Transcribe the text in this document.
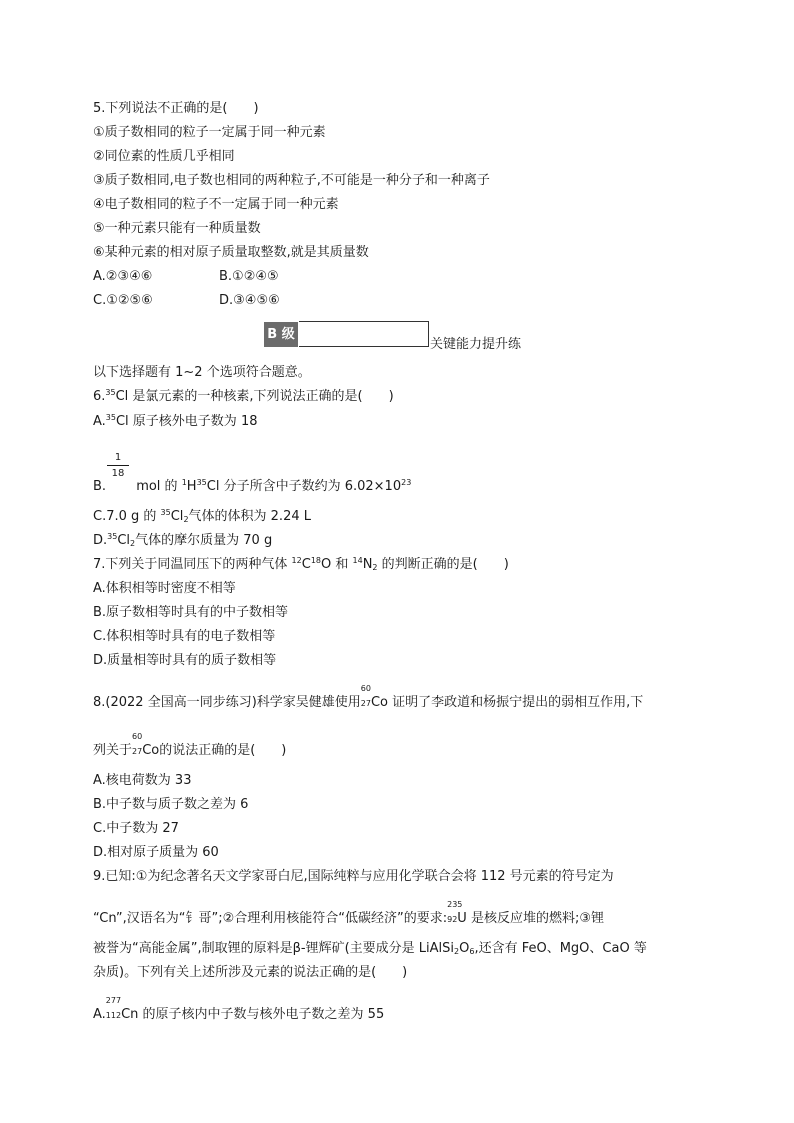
5.下列说法不正确的是(　　)
①质子数相同的粒子一定属于同一种元素
②同位素的性质几乎相同
③质子数相同,电子数也相同的两种粒子,不可能是一种分子和一种离子
④电子数相同的粒子不一定属于同一种元素
⑤一种元素只能有一种质量数
⑥某种元素的相对原子质量取整数,就是其质量数
A.②③④⑥	B.①②④⑤
C.①②⑤⑥	D.③④⑤⑥
B 级
关键能力提升练
以下选择题有 1~2 个选项符合题意。
6.35Cl 是氯元素的一种核素,下列说法正确的是(　　)
A.$^{35}$Cl 原子核外电子数为 18
1
18
B. mol 的 $^1H^{35}Cl$ 分子所含中子数约为 $6.02\times 10^{23}$
C.7.0 g 的 $^{35}Cl_2$气体的体积为 2.24 L
$D.^{35}Cl_2$气体的摩尔质量为 70 g
7.下列关于同温同压下的两种气体 $^{12}C^{18}O$ 和 $^{14}N_2$ 的判断正确的是(　　)
A.体积相等时密度不相等
B.原子数相等时具有的中子数相等
C.体积相等时具有的电子数相等
D.质量相等时具有的质子数相等
8.(2022 全国高一同步练习)科学家吴健雄使用
60
27Co 证明了李政道和杨振宁提出的弱相互作用,下
列关于
60
27Co的说法正确的是(　　)
A.核电荷数为 33
B.中子数与质子数之差为 6
C.中子数为 27
D.相对原子质量为 60
9.已知:①为纪念著名天文学家哥白尼,国际纯粹与应用化学联合会将 112 号元素的符号定为
“Cn”,汉语名为“钅哥”;②合理利用核能符合“低碳经济”的要求:
235
92U 是核反应堆的燃料;③锂
被誉为“高能金属”,制取锂的原料是β-锂辉矿(主要成分是 $LiAlSi_2O_6$,还含有 FeO、MgO、CaO 等
杂质)。下列有关上述所涉及元素的说法正确的是(　　)
A.
277
112Cn 的原子核内中子数与核外电子数之差为 55
